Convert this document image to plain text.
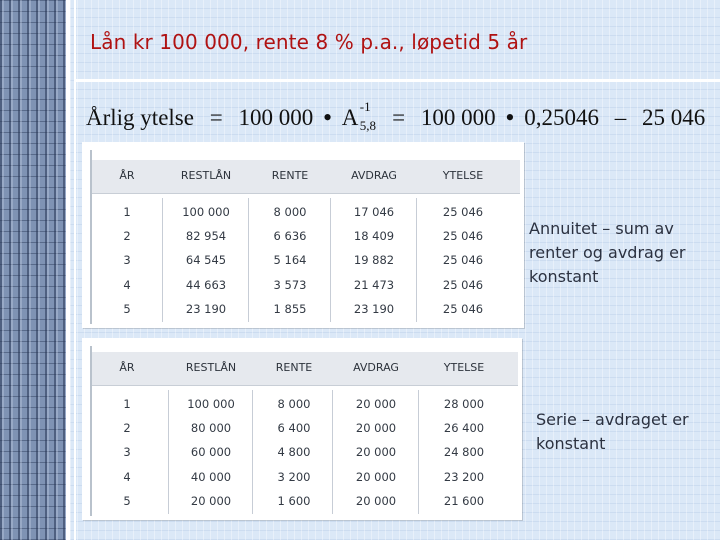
Lån kr 100 000, rente 8 % p.a., løpetid 5 år
Årlig ytelse = 100 000 • A -1
5,8 = 100 000 • 0,25046 – 25 046
ÅR	RESTLÅN	RENTE	AVDRAG	YTELSE
1	100 000	8 000	17 046	25 046
2	82 954	6 636	18 409	25 046
3	64 545	5 164	19 882	25 046
4	44 663	3 573	21 473	25 046
5	23 190	1 855	23 190	25 046
Annuitet – sum av renter og avdrag er konstant
ÅR	RESTLÅN	RENTE	AVDRAG	YTELSE
1	100 000	8 000	20 000	28 000
2	80 000	6 400	20 000	26 400
3	60 000	4 800	20 000	24 800
4	40 000	3 200	20 000	23 200
5	20 000	1 600	20 000	21 600
Serie – avdraget er konstant
